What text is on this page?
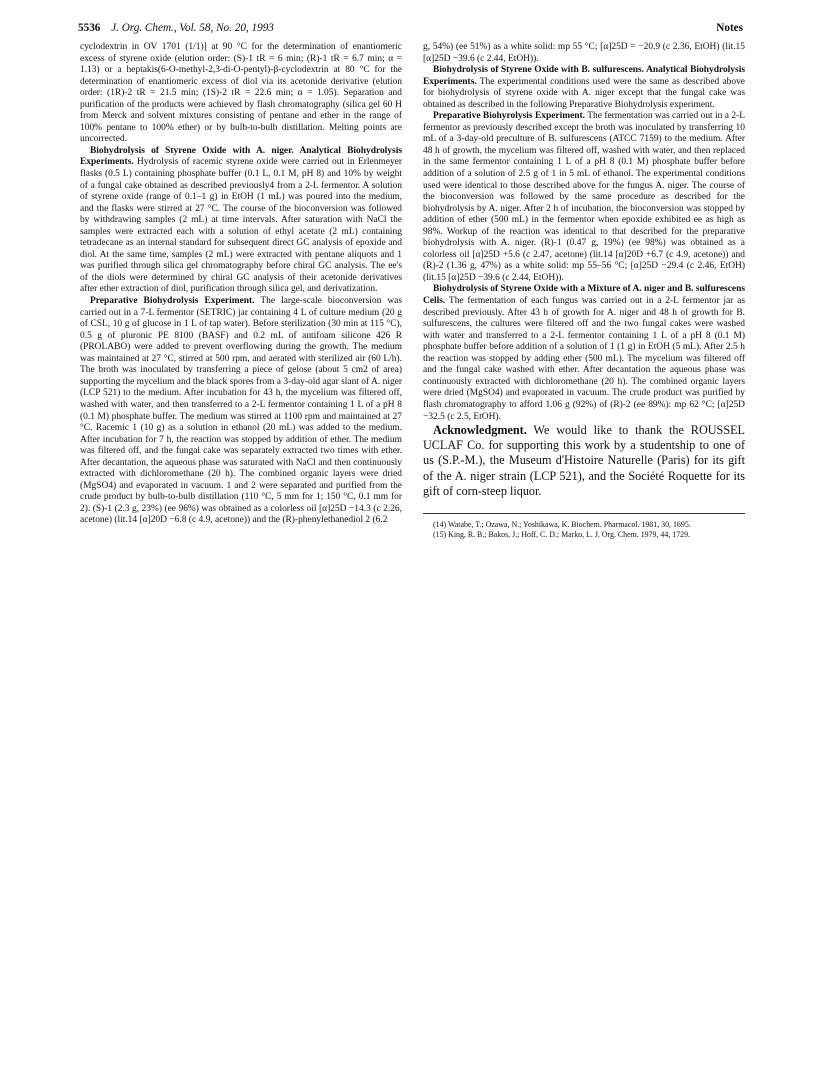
5536 J. Org. Chem., Vol. 58, No. 20, 1993	Notes

cyclodextrin in OV 1701 (1/1)] at 90 °C for the determination of enantiomeric excess of styrene oxide (elution order: (S)-1 tR = 6 min; (R)-1 tR = 6.7 min; α = 1.13) or a heptakis(6-O-methyl-2,3-di-O-pentyl)-β-cyclodextrin at 80 °C for the determination of enantiomeric excess of diol via its acetonide derivative (elution order: (1R)-2 tR = 21.5 min; (1S)-2 tR = 22.6 min; α = 1.05). Separation and purification of the products were achieved by flash chromatography (silica gel 60 H from Merck and solvent mixtures consisting of pentane and ether in the range of 100% pentane to 100% ether) or by bulb-to-bulb distillation. Melting points are uncorrected.

Biohydrolysis of Styrene Oxide with A. niger. Analytical Biohydrolysis Experiments. Hydrolysis of racemic styrene oxide were carried out in Erlenmeyer flasks (0.5 L) containing phosphate buffer (0.1 L, 0.1 M, pH 8) and 10% by weight of a fungal cake obtained as described previously4 from a 2-L fermentor. A solution of styrene oxide (range of 0.1–1 g) in EtOH (1 mL) was poured into the medium, and the flasks were stirred at 27 °C. The course of the bioconversion was followed by withdrawing samples (2 mL) at time intervals. After saturation with NaCl the samples were extracted each with a solution of ethyl acetate (2 mL) containing tetradecane as an internal standard for subsequent direct GC analysis of epoxide and diol. At the same time, samples (2 mL) were extracted with pentane aliquots and 1 was purified through silica gel chromatography before chiral GC analysis. The ee's of the diols were determined by chiral GC analysis of their acetonide derivatives after ether extraction of diol, purification through silica gel, and derivatization.

Preparative Biohydrolysis Experiment. The large-scale bioconversion was carried out in a 7-L fermentor (SETRIC) jar containing 4 L of culture medium (20 g of CSL, 10 g of glucose in 1 L of tap water). Before sterilization (30 min at 115 °C), 0.5 g of pluronic PE 8100 (BASF) and 0.2 mL of antifoam silicone 426 R (PROLABO) were added to prevent overflowing during the growth. The medium was maintained at 27 °C, stirred at 500 rpm, and aerated with sterilized air (60 L/h). The broth was inoculated by transferring a piece of gelose (about 5 cm2 of area) supporting the mycelium and the black spores from a 3-day-old agar slant of A. niger (LCP 521) to the medium. After incubation for 43 h, the mycelium was filtered off, washed with water, and then transferred to a 2-L fermentor containing 1 L of a pH 8 (0.1 M) phosphate buffer. The medium was stirred at 1100 rpm and maintained at 27 °C. Racemic 1 (10 g) as a solution in ethanol (20 mL) was added to the medium. After incubation for 7 h, the reaction was stopped by addition of ether. The medium was filtered off, and the fungal cake was separately extracted two times with ether. After decantation, the aqueous phase was saturated with NaCl and then continuously extracted with dichloromethane (20 h). The combined organic layers were dried (MgSO4) and evaporated in vacuum. 1 and 2 were separated and purified from the crude product by bulb-to-bulb distillation (110 °C, 5 mm for 1; 150 °C, 0.1 mm for 2). (S)-1 (2.3 g, 23%) (ee 96%) was obtained as a colorless oil [α]25D −14.3 (c 2.26, acetone) (lit.14 [α]20D −6.8 (c 4.9, acetone)) and the (R)-phenylethanediol 2 (6.2

g, 54%) (ee 51%) as a white solid: mp 55 °C; [α]25D = −20.9 (c 2.36, EtOH) (lit.15 [α]25D −39.6 (c 2.44, EtOH)).

Biohydrolysis of Styrene Oxide with B. sulfurescens. Analytical Biohydrolysis Experiments. The experimental conditions used were the same as described above for biohydrolysis of styrene oxide with A. niger except that the fungal cake was obtained as described in the following Preparative Biohydrolysis experiment.

Preparative Biohyrolysis Experiment. The fermentation was carried out in a 2-L fermentor as previously described except the broth was inoculated by transferring 10 mL of a 3-day-old preculture of B. sulfurescens (ATCC 7159) to the medium. After 48 h of growth, the mycelium was filtered off, washed with water, and then replaced in the same fermentor containing 1 L of a pH 8 (0.1 M) phosphate buffer before addition of a solution of 2.5 g of 1 in 5 mL of ethanol. The experimental conditions used were identical to those described above for the fungus A. niger. The course of the bioconversion was followed by the same procedure as described for the biohydrolysis by A. niger. After 2 h of incubation, the bioconversion was stopped by addition of ether (500 mL) in the fermentor when epoxide exhibited ee as high as 98%. Workup of the reaction was identical to that described for the preparative biohydrolysis with A. niger. (R)-1 (0.47 g, 19%) (ee 98%) was obtained as a colorless oil [α]25D +5.6 (c 2.47, acetone) (lit.14 [α]20D +6.7 (c 4.9, acetone)) and (R)-2 (1.36 g, 47%) as a white solid: mp 55–56 °C; [α]25D −29.4 (c 2.46, EtOH) (lit.15 [α]25D −39.6 (c 2.44, EtOH)).

Biohydrolysis of Styrene Oxide with a Mixture of A. niger and B. sulfurescens Cells. The fermentation of each fungus was carried out in a 2-L fermentor jar as described previously. After 43 h of growth for A. niger and 48 h of growth for B. sulfurescens, the cultures were filtered off and the two fungal cakes were washed with water and transferred to a 2-L fermentor containing 1 L of a pH 8 (0.1 M) phosphate buffer before addition of a solution of 1 (1 g) in EtOH (5 mL). After 2.5 h the reaction was stopped by adding ether (500 mL). The mycelium was filtered off and the fungal cake washed with ether. After decantation the aqueous phase was continuously extracted with dichloromethane (20 h). The combined organic layers were dried (MgSO4) and evaporated in vacuum. The crude product was purified by flash chromatography to afford 1.06 g (92%) of (R)-2 (ee 89%): mp 62 °C; [α]25D −32.5 (c 2.5, EtOH).

Acknowledgment. We would like to thank the ROUSSEL UCLAF Co. for supporting this work by a studentship to one of us (S.P.-M.), the Museum d'Histoire Naturelle (Paris) for its gift of the A. niger strain (LCP 521), and the Société Roquette for its gift of corn-steep liquor.

(14) Watabe, T.; Ozawa, N.; Yoshikawa, K. Biochem. Pharmacol. 1981, 30, 1695.

(15) King, R. B.; Bakos, J.; Hoff, C. D.; Marko, L. J. Org. Chem. 1979, 44, 1729.
